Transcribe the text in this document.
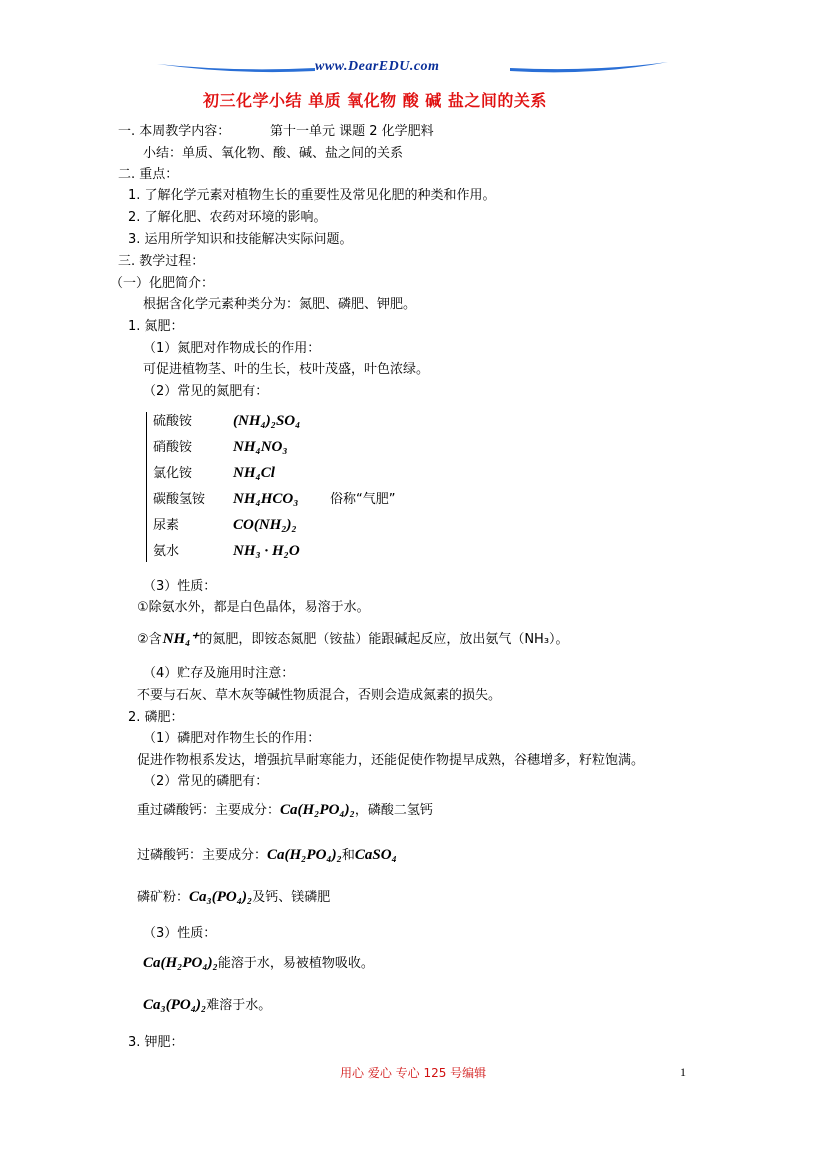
www.DearEDU.com
初三化学小结 单质 氧化物 酸 碱 盐之间的关系
一. 本周教学内容：	第十一单元 课题 2 化学肥料
小结：单质、氧化物、酸、碱、盐之间的关系
二. 重点：
1. 了解化学元素对植物生长的重要性及常见化肥的种类和作用。
2. 了解化肥、农药对环境的影响。
3. 运用所学知识和技能解决实际问题。
三. 教学过程：
（一）化肥简介：
根据含化学元素种类分为：氮肥、磷肥、钾肥。
1. 氮肥：
（1）氮肥对作物成长的作用：
可促进植物茎、叶的生长，枝叶茂盛，叶色浓绿。
（2）常见的氮肥有：
硫酸铵	(NH₄)₂SO₄
硝酸铵	NH₄NO₃
氯化铵	NH₄Cl
碳酸氢铵 NH₄HCO₃ 俗称“气肥”
尿素	CO(NH₂)₂
氨水	NH₃ · H₂O
（3）性质：
①除氨水外，都是白色晶体，易溶于水。
②含NH₄⁺的氮肥，即铵态氮肥（铵盐）能跟碱起反应，放出氨气（NH₃）。
（4）贮存及施用时注意：
不要与石灰、草木灰等碱性物质混合，否则会造成氮素的损失。
2. 磷肥：
（1）磷肥对作物生长的作用：
促进作物根系发达，增强抗旱耐寒能力，还能促使作物提早成熟，谷穗增多，籽粒饱满。
（2）常见的磷肥有：
重过磷酸钙：主要成分：Ca(H₂PO₄)₂，磷酸二氢钙
过磷酸钙：主要成分：Ca(H₂PO₄)₂和CaSO₄
磷矿粉：Ca₃(PO₄)₂及钙、镁磷肥
（3）性质：
Ca(H₂PO₄)₂能溶于水，易被植物吸收。
Ca₃(PO₄)₂难溶于水。
3. 钾肥：
用心 爱心 专心 125 号编辑	1
